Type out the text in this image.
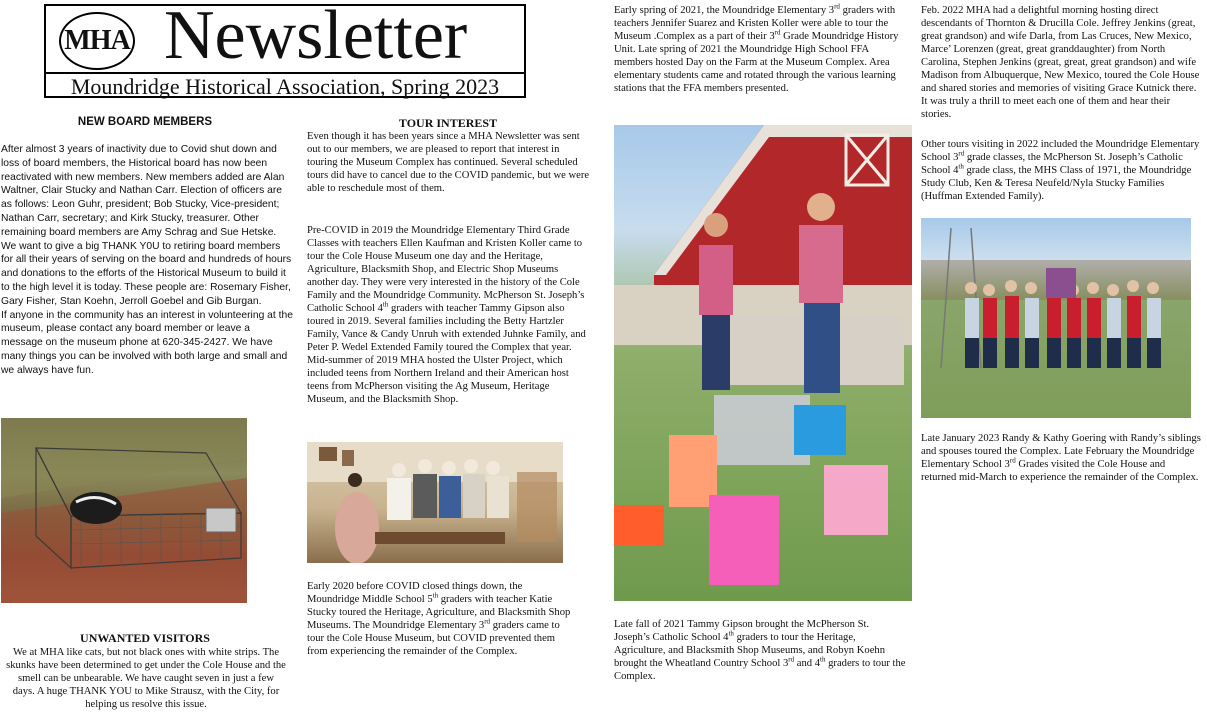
MHA Newsletter
Moundridge Historical Association, Spring 2023
NEW BOARD MEMBERS

After almost 3 years of inactivity due to Covid shut down and loss of board members, the Historical board has now been reactivated with new members. New members added are Alan Waltner, Clair Stucky and Nathan Carr. Election of officers are as follows: Leon Guhr, president; Bob Stucky, Vice-president; Nathan Carr, secretary; and Kirk Stucky, treasurer. Other remaining board members are Amy Schrag and Sue Hetske.

We want to give a big THANK Y0U to retiring board members for all their years of serving on the board and hundreds of hours and donations to the efforts of the Historical Museum to build it to the high level it is today. These people are: Rosemary Fisher, Gary Fisher, Stan Koehn, Jerroll Goebel and Gib Burgan.

If anyone in the community has an interest in volunteering at the museum, please contact any board member or leave a message on the museum phone at 620-345-2427. We have many things you can be involved with both large and small and we always have fun.

UNWANTED VISITORS

We at MHA like cats, but not black ones with white strips. The skunks have been determined to get under the Cole House and the smell can be unbearable. We have caught seven in just a few days. A huge THANK YOU to Mike Strausz, with the City, for helping us resolve this issue.

TOUR INTEREST

Even though it has been years since a MHA Newsletter was sent out to our members, we are pleased to report that interest in touring the Museum Complex has continued. Several scheduled tours did have to cancel due to the COVID pandemic, but we were able to reschedule most of them.

Pre-COVID in 2019 the Moundridge Elementary Third Grade Classes with teachers Ellen Kaufman and Kristen Koller came to tour the Cole House Museum one day and the Heritage, Agriculture, Blacksmith Shop, and Electric Shop Museums another day. They were very interested in the history of the Cole Family and the Moundridge Community. McPherson St. Joseph’s Catholic School 4th graders with teacher Tammy Gipson also toured in 2019. Several families including the Betty Hartzler Family, Vance & Candy Unruh with extended Juhnke Family, and Peter P. Wedel Extended Family toured the Complex that year. Mid-summer of 2019 MHA hosted the Ulster Project, which included teens from Northern Ireland and their American host teens from McPherson visiting the Ag Museum, Heritage Museum, and the Blacksmith Shop.

Early 2020 before COVID closed things down, the Moundridge Middle School 5th graders with teacher Katie Stucky toured the Heritage, Agriculture, and Blacksmith Shop Museums. The Moundridge Elementary 3rd graders came to tour the Cole House Museum, but COVID prevented them from experiencing the remainder of the Complex.

Early spring of 2021, the Moundridge Elementary 3rd graders with teachers Jennifer Suarez and Kristen Koller were able to tour the Museum .Complex as a part of their 3rd Grade Moundridge History Unit. Late spring of 2021 the Moundridge High School FFA members hosted Day on the Farm at the Museum Complex. Area elementary students came and rotated through the various learning stations that the FFA members presented.

Late fall of 2021 Tammy Gipson brought the McPherson St. Joseph’s Catholic School 4th graders to tour the Heritage, Agriculture, and Blacksmith Shop Museums, and Robyn Koehn brought the Wheatland Country School 3rd and 4th graders to tour the Complex.

Feb. 2022 MHA had a delightful morning hosting direct descendants of Thornton & Drucilla Cole. Jeffrey Jenkins (great, great grandson) and wife Darla, from Las Cruces, New Mexico, Marce’ Lorenzen (great, great granddaughter) from North Carolina, Stephen Jenkins (great, great, great grandson) and wife Madison from Albuquerque, New Mexico, toured the Cole House and shared stories and memories of visiting Grace Kutnick there. It was truly a thrill to meet each one of them and hear their stories.

Other tours visiting in 2022 included the Moundridge Elementary School 3rd grade classes, the McPherson St. Joseph’s Catholic School 4th grade class, the MHS Class of 1971, the Moundridge Study Club, Ken & Teresa Neufeld/Nyla Stucky Families (Huffman Extended Family).

Late January 2023 Randy & Kathy Goering with Randy’s siblings and spouses toured the Complex. Late February the Moundridge Elementary School 3rd Grades visited the Cole House and returned mid-March to experience the remainder of the Complex.
